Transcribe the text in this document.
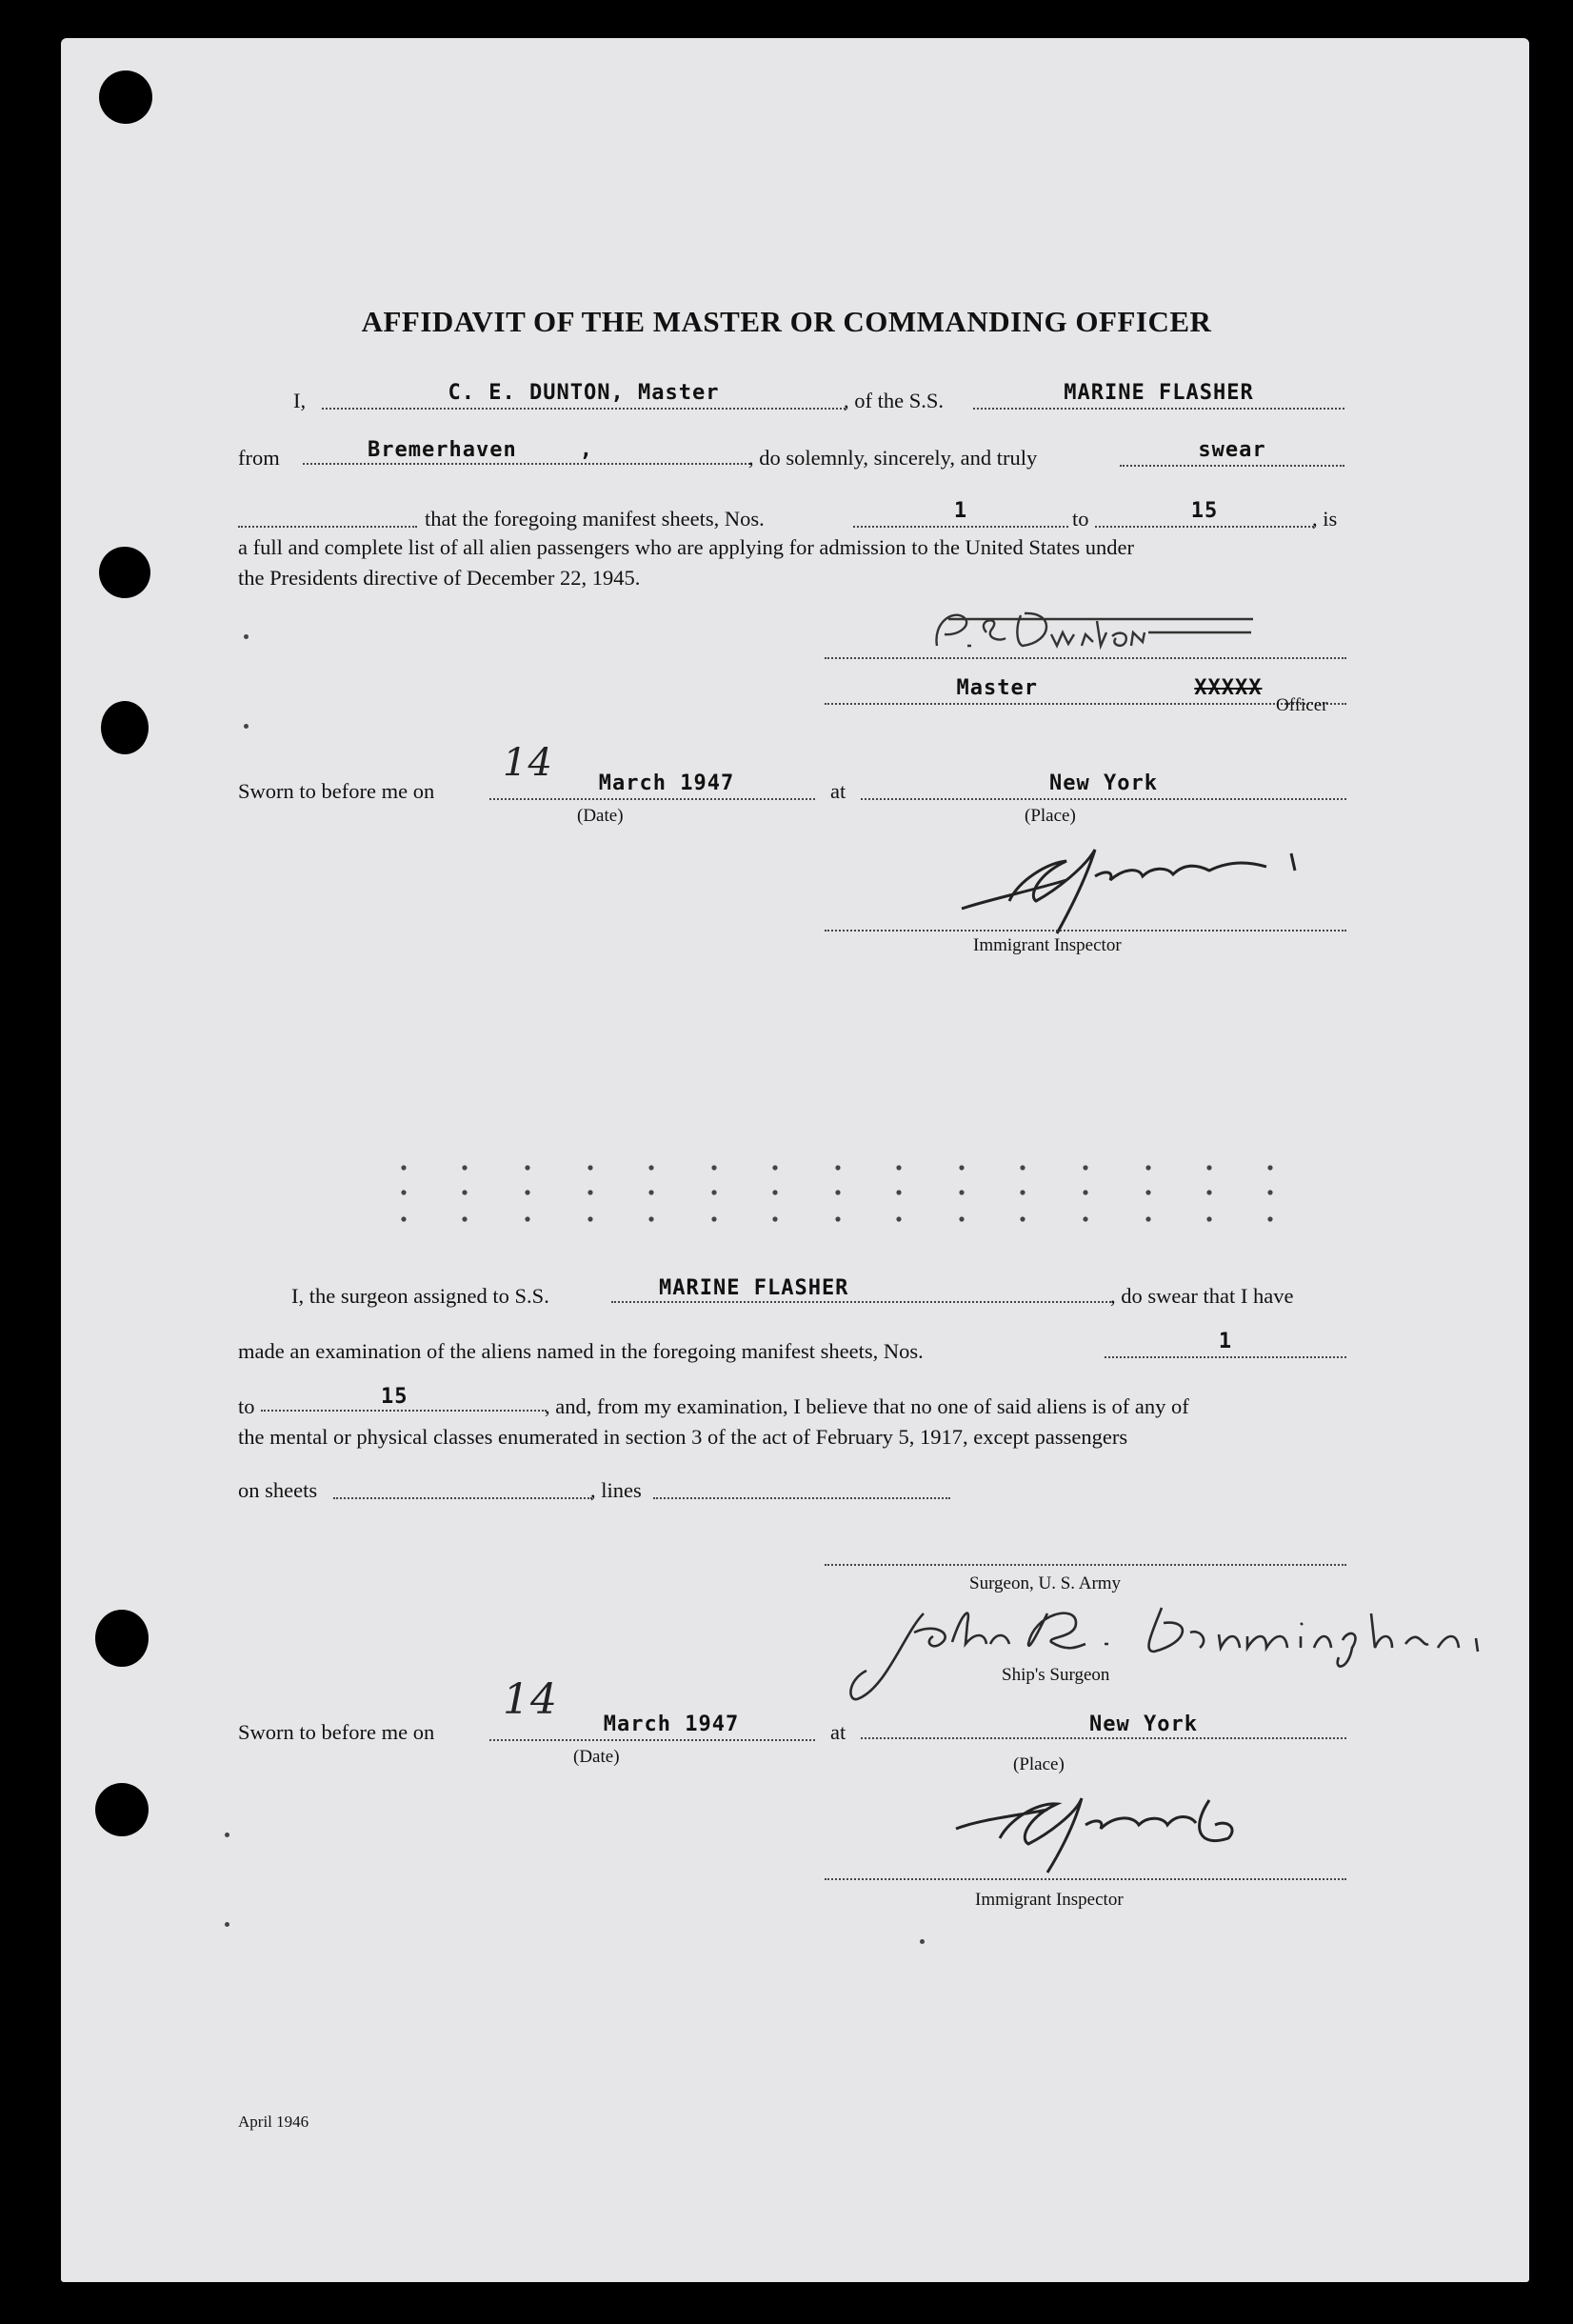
AFFIDAVIT OF THE MASTER OR COMMANDING OFFICER
I,	C. E. DUNTON, Master	, of the S.S.	MARINE FLASHER
from	Bremerhaven	,	, do solemnly, sincerely, and truly	swear
that the foregoing manifest sheets, Nos.	1	to	15	, is
a full and complete list of all alien passengers who are applying for admission to the United States under
the Presidents directive of December 22, 1945.
Master	XXXXX
Officer
Sworn to before me on
14 March 1947
(Date)
at	New York
(Place)
Immigrant Inspector
I, the surgeon assigned to S.S.	MARINE FLASHER	, do swear that I have
made an examination of the aliens named in the foregoing manifest sheets, Nos.	1
to	15	, and, from my examination, I believe that no one of said aliens is of any of
the mental or physical classes enumerated in section 3 of the act of February 5, 1917, except passengers
on sheets	, lines
Surgeon, U. S. Army
Ship's Surgeon
Sworn to before me on
14
March 1947
(Date)
at	New York
(Place)
Immigrant Inspector
April 1946
